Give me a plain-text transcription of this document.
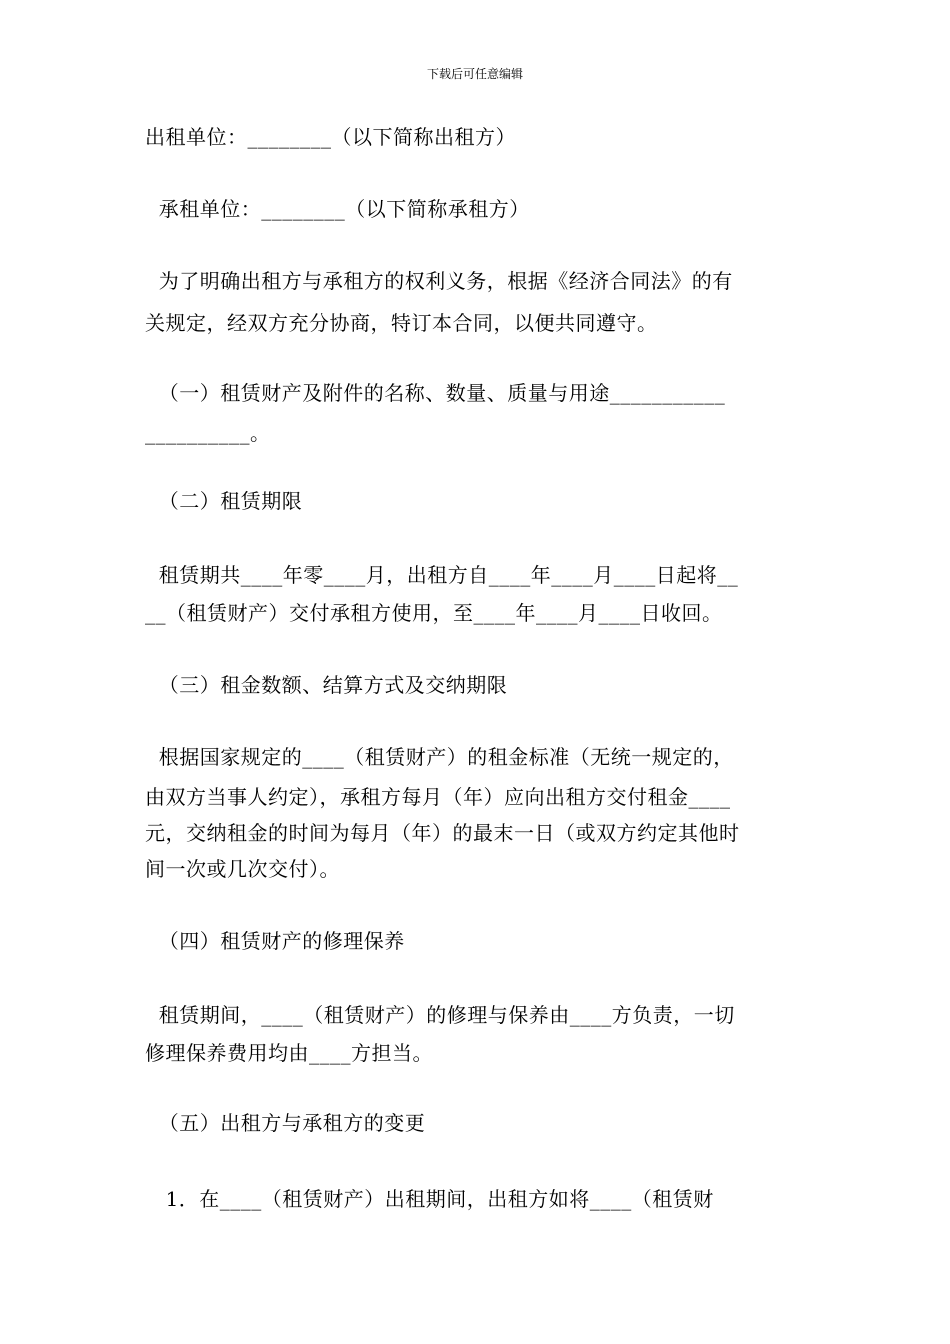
下载后可任意编辑
出租单位：________（以下简称出租方）
承租单位：________（以下简称承租方）
为了明确出租方与承租方的权利义务，根据《经济合同法》的有
关规定，经双方充分协商，特订本合同，以便共同遵守。
（一）租赁财产及附件的名称、数量、质量与用途___________
__________。
（二）租赁期限
租赁期共____年零____月，出租方自____年____月____日起将__
__（租赁财产）交付承租方使用，至____年____月____日收回。
（三）租金数额、结算方式及交纳期限
根据国家规定的____（租赁财产）的租金标准（无统一规定的，
由双方当事人约定），承租方每月（年）应向出租方交付租金____
元，交纳租金的时间为每月（年）的最末一日（或双方约定其他时
间一次或几次交付）。
（四）租赁财产的修理保养
租赁期间，____（租赁财产）的修理与保养由____方负责，一切
修理保养费用均由____方担当。
（五）出租方与承租方的变更
1．在____（租赁财产）出租期间，出租方如将____（租赁财
